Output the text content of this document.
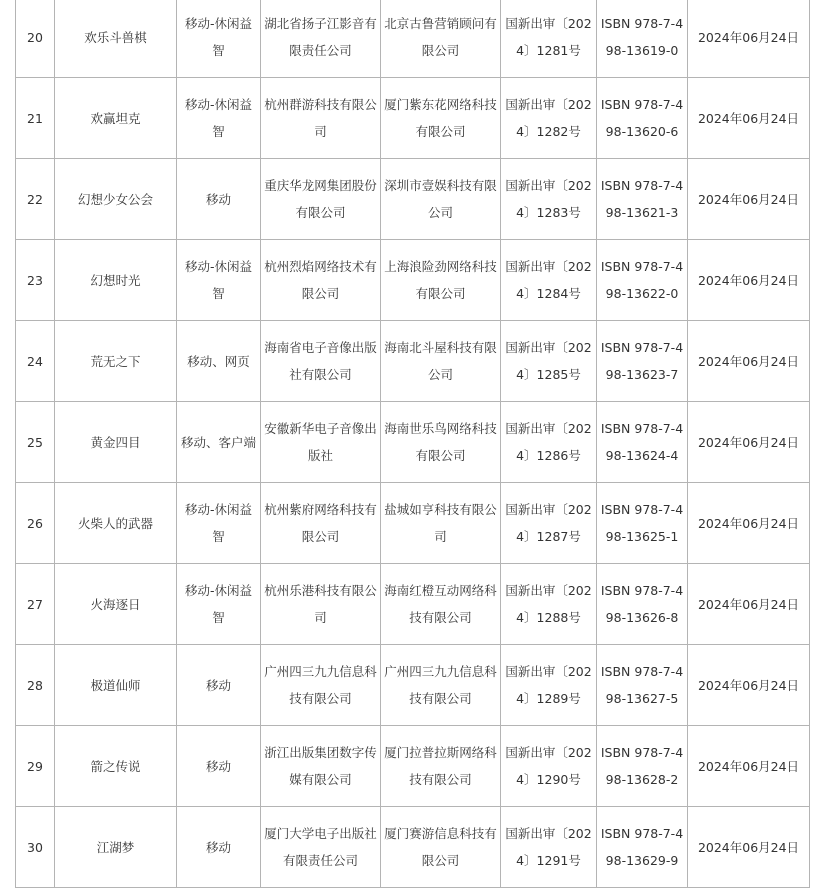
20	欢乐斗兽棋	移动-休闲益智	湖北省扬子江影音有限责任公司	北京古鲁营销顾问有限公司	国新出审〔2024〕1281号	ISBN 978-7-498-13619-0	2024年06月24日
21	欢赢坦克	移动-休闲益智	杭州群游科技有限公司	厦门紫东花网络科技有限公司	国新出审〔2024〕1282号	ISBN 978-7-498-13620-6	2024年06月24日
22	幻想少女公会	移动	重庆华龙网集团股份有限公司	深圳市壹娱科技有限公司	国新出审〔2024〕1283号	ISBN 978-7-498-13621-3	2024年06月24日
23	幻想时光	移动-休闲益智	杭州烈焰网络技术有限公司	上海浪险劲网络科技有限公司	国新出审〔2024〕1284号	ISBN 978-7-498-13622-0	2024年06月24日
24	荒无之下	移动、网页	海南省电子音像出版社有限公司	海南北斗屋科技有限公司	国新出审〔2024〕1285号	ISBN 978-7-498-13623-7	2024年06月24日
25	黄金四目	移动、客户端	安徽新华电子音像出版社	海南世乐鸟网络科技有限公司	国新出审〔2024〕1286号	ISBN 978-7-498-13624-4	2024年06月24日
26	火柴人的武器	移动-休闲益智	杭州紫府网络科技有限公司	盐城如亨科技有限公司	国新出审〔2024〕1287号	ISBN 978-7-498-13625-1	2024年06月24日
27	火海逐日	移动-休闲益智	杭州乐港科技有限公司	海南红橙互动网络科技有限公司	国新出审〔2024〕1288号	ISBN 978-7-498-13626-8	2024年06月24日
28	极道仙师	移动	广州四三九九信息科技有限公司	广州四三九九信息科技有限公司	国新出审〔2024〕1289号	ISBN 978-7-498-13627-5	2024年06月24日
29	箭之传说	移动	浙江出版集团数字传媒有限公司	厦门拉普拉斯网络科技有限公司	国新出审〔2024〕1290号	ISBN 978-7-498-13628-2	2024年06月24日
30	江湖梦	移动	厦门大学电子出版社有限责任公司	厦门赛游信息科技有限公司	国新出审〔2024〕1291号	ISBN 978-7-498-13629-9	2024年06月24日
